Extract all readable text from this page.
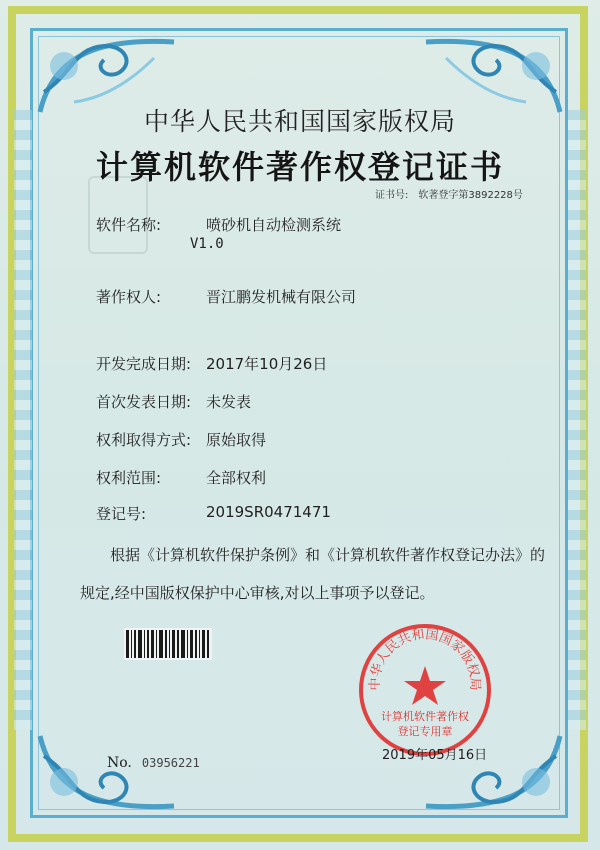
中华人民共和国国家版权局
计算机软件著作权登记证书
证书号: 软著登字第3892228号
软件名称:	喷砂机自动检测系统
V1.0
著作权人:	晋江鹏发机械有限公司
开发完成日期: 2017年10月26日
首次发表日期: 未发表
权利取得方式: 原始取得
权利范围:	全部权利
登记号:	2019SR0471471
根据《计算机软件保护条例》和《计算机软件著作权登记办法》的
规定,经中国版权保护中心审核,对以上事项予以登记。
No. 03956221
中华人民共和国国家版权局
计算机软件著作权
登记专用章
2019年05月16日
